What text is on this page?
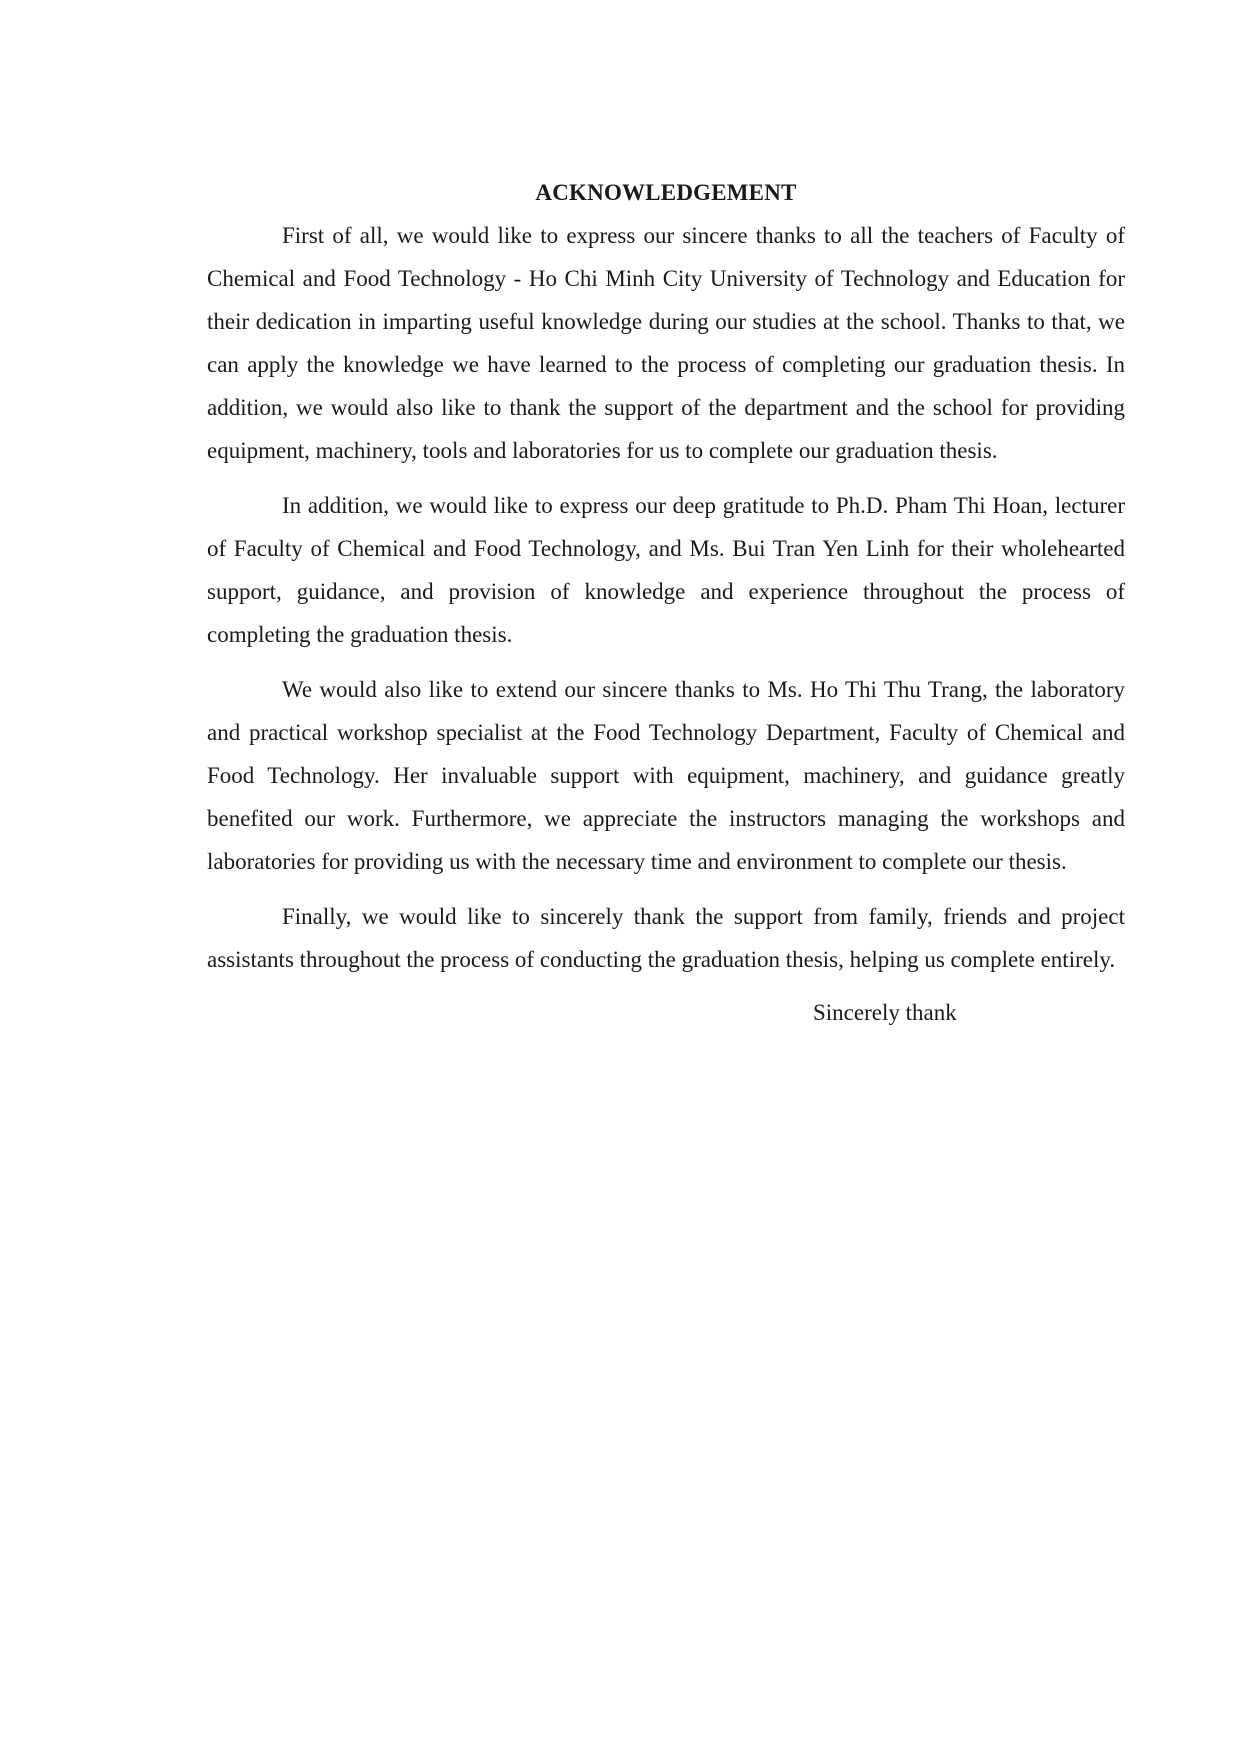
ACKNOWLEDGEMENT

First of all, we would like to express our sincere thanks to all the teachers of Faculty of Chemical and Food Technology - Ho Chi Minh City University of Technology and Education for their dedication in imparting useful knowledge during our studies at the school. Thanks to that, we can apply the knowledge we have learned to the process of completing our graduation thesis. In addition, we would also like to thank the support of the department and the school for providing equipment, machinery, tools and laboratories for us to complete our graduation thesis.

In addition, we would like to express our deep gratitude to Ph.D. Pham Thi Hoan, lecturer of Faculty of Chemical and Food Technology, and Ms. Bui Tran Yen Linh for their wholehearted support, guidance, and provision of knowledge and experience throughout the process of completing the graduation thesis.

We would also like to extend our sincere thanks to Ms. Ho Thi Thu Trang, the laboratory and practical workshop specialist at the Food Technology Department, Faculty of Chemical and Food Technology. Her invaluable support with equipment, machinery, and guidance greatly benefited our work. Furthermore, we appreciate the instructors managing the workshops and laboratories for providing us with the necessary time and environment to complete our thesis.

Finally, we would like to sincerely thank the support from family, friends and project assistants throughout the process of conducting the graduation thesis, helping us complete entirely.

Sincerely thank
